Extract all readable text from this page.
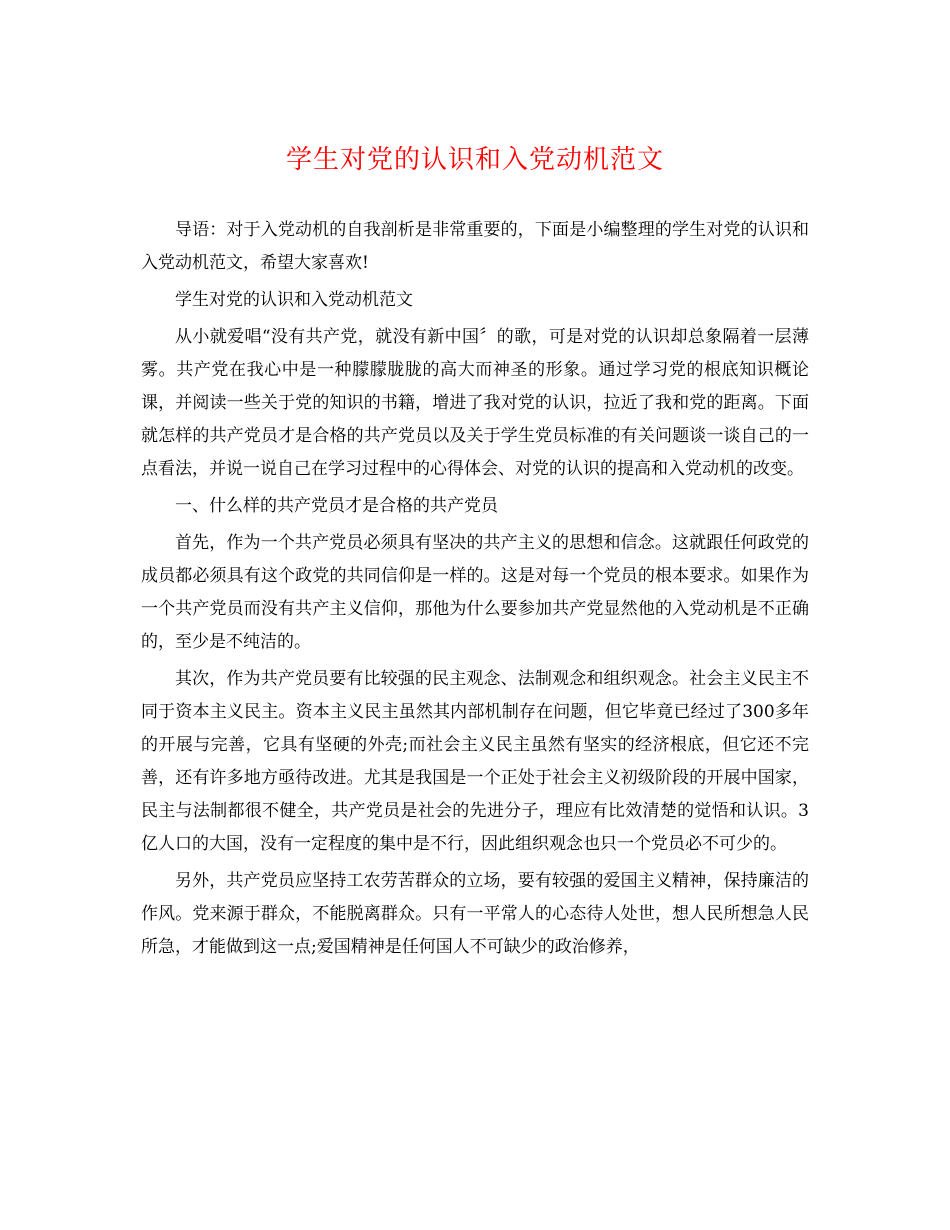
学生对党的认识和入党动机范文

导语：对于入党动机的自我剖析是非常重要的，下面是小编整理的学生对党的认识和入党动机范文，希望大家喜欢!

学生对党的认识和入党动机范文

从小就爱唱“没有共产党，就没有新中国〞的歌，可是对党的认识却总象隔着一层薄雾。共产党在我心中是一种朦朦胧胧的高大而神圣的形象。通过学习党的根底知识概论课，并阅读一些关于党的知识的书籍，增进了我对党的认识，拉近了我和党的距离。下面就怎样的共产党员才是合格的共产党员以及关于学生党员标准的有关问题谈一谈自己的一点看法，并说一说自己在学习过程中的心得体会、对党的认识的提高和入党动机的改变。

一、什么样的共产党员才是合格的共产党员

首先，作为一个共产党员必须具有坚决的共产主义的思想和信念。这就跟任何政党的成员都必须具有这个政党的共同信仰是一样的。这是对每一个党员的根本要求。如果作为一个共产党员而没有共产主义信仰，那他为什么要参加共产党显然他的入党动机是不正确的，至少是不纯洁的。

其次，作为共产党员要有比较强的民主观念、法制观念和组织观念。社会主义民主不同于资本主义民主。资本主义民主虽然其内部机制存在问题，但它毕竟已经过了300多年的开展与完善，它具有坚硬的外壳;而社会主义民主虽然有坚实的经济根底，但它还不完善，还有许多地方亟待改进。尤其是我国是一个正处于社会主义初级阶段的开展中国家，民主与法制都很不健全，共产党员是社会的先进分子，理应有比效清楚的觉悟和认识。3亿人口的大国，没有一定程度的集中是不行，因此组织观念也只一个党员必不可少的。

另外，共产党员应坚持工农劳苦群众的立场，要有较强的爱国主义精神，保持廉洁的作风。党来源于群众，不能脱离群众。只有一平常人的心态待人处世，想人民所想急人民所急，才能做到这一点;爱国精神是任何国人不可缺少的政治修养，
